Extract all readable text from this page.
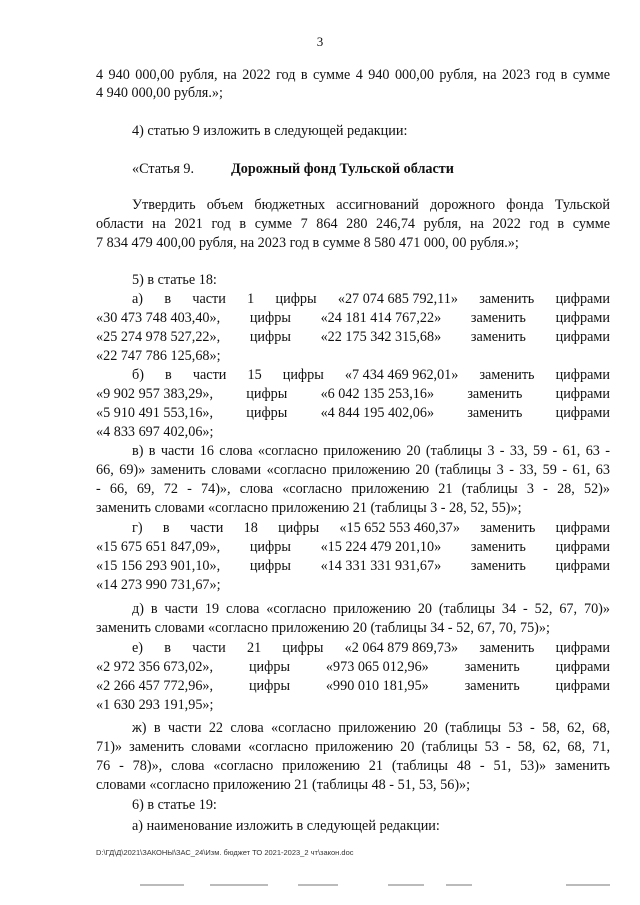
3
4 940 000,00 рубля, на 2022 год в сумме 4 940 000,00 рубля, на 2023 год в сумме
4 940 000,00 рубля.»;
4) статью 9 изложить в следующей редакции:
«Статья 9.	Дорожный фонд Тульской области
Утвердить объем бюджетных ассигнований дорожного фонда Тульской
области на 2021 год в сумме 7 864 280 246,74 рубля, на 2022 год в сумме
7 834 479 400,00 рубля, на 2023 год в сумме 8 580 471 000, 00 рубля.»;
5) в статье 18:
а) в части 1 цифры «27 074 685 792,11» заменить цифрами
«30 473 748 403,40», цифры «24 181 414 767,22» заменить цифрами
«25 274 978 527,22», цифры «22 175 342 315,68» заменить цифрами
«22 747 786 125,68»;
б) в части 15 цифры «7 434 469 962,01» заменить цифрами
«9 902 957 383,29», цифры «6 042 135 253,16» заменить цифрами
«5 910 491 553,16», цифры «4 844 195 402,06» заменить цифрами
«4 833 697 402,06»;
в) в части 16 слова «согласно приложению 20 (таблицы 3 - 33, 59 - 61, 63 -
66, 69)» заменить словами «согласно приложению 20 (таблицы 3 - 33, 59 - 61, 63
- 66, 69, 72 - 74)», слова «согласно приложению 21 (таблицы 3 - 28, 52)»
заменить словами «согласно приложению 21 (таблицы 3 - 28, 52, 55)»;
г) в части 18 цифры «15 652 553 460,37» заменить цифрами
«15 675 651 847,09», цифры «15 224 479 201,10» заменить цифрами
«15 156 293 901,10», цифры «14 331 331 931,67» заменить цифрами
«14 273 990 731,67»;
д) в части 19 слова «согласно приложению 20 (таблицы 34 - 52, 67, 70)»
заменить словами «согласно приложению 20 (таблицы 34 - 52, 67, 70, 75)»;
е) в части 21 цифры «2 064 879 869,73» заменить цифрами
«2 972 356 673,02»,	цифры	«973 065 012,96»	заменить	цифрами
«2 266 457 772,96»,	цифры	«990 010 181,95»	заменить	цифрами
«1 630 293 191,95»;
ж) в части 22 слова «согласно приложению 20 (таблицы 53 - 58, 62, 68,
71)» заменить словами «согласно приложению 20 (таблицы 53 - 58, 62, 68, 71,
76 - 78)», слова «согласно приложению 21 (таблицы 48 - 51, 53)» заменить
словами «согласно приложению 21 (таблицы 48 - 51, 53, 56)»;
6) в статье 19:
а) наименование изложить в следующей редакции:
D:\ГД\Д\2021\ЗАКОНЫ\ЗАС_24\Изм. бюджет ТО 2021-2023_2 чт\закон.doc
